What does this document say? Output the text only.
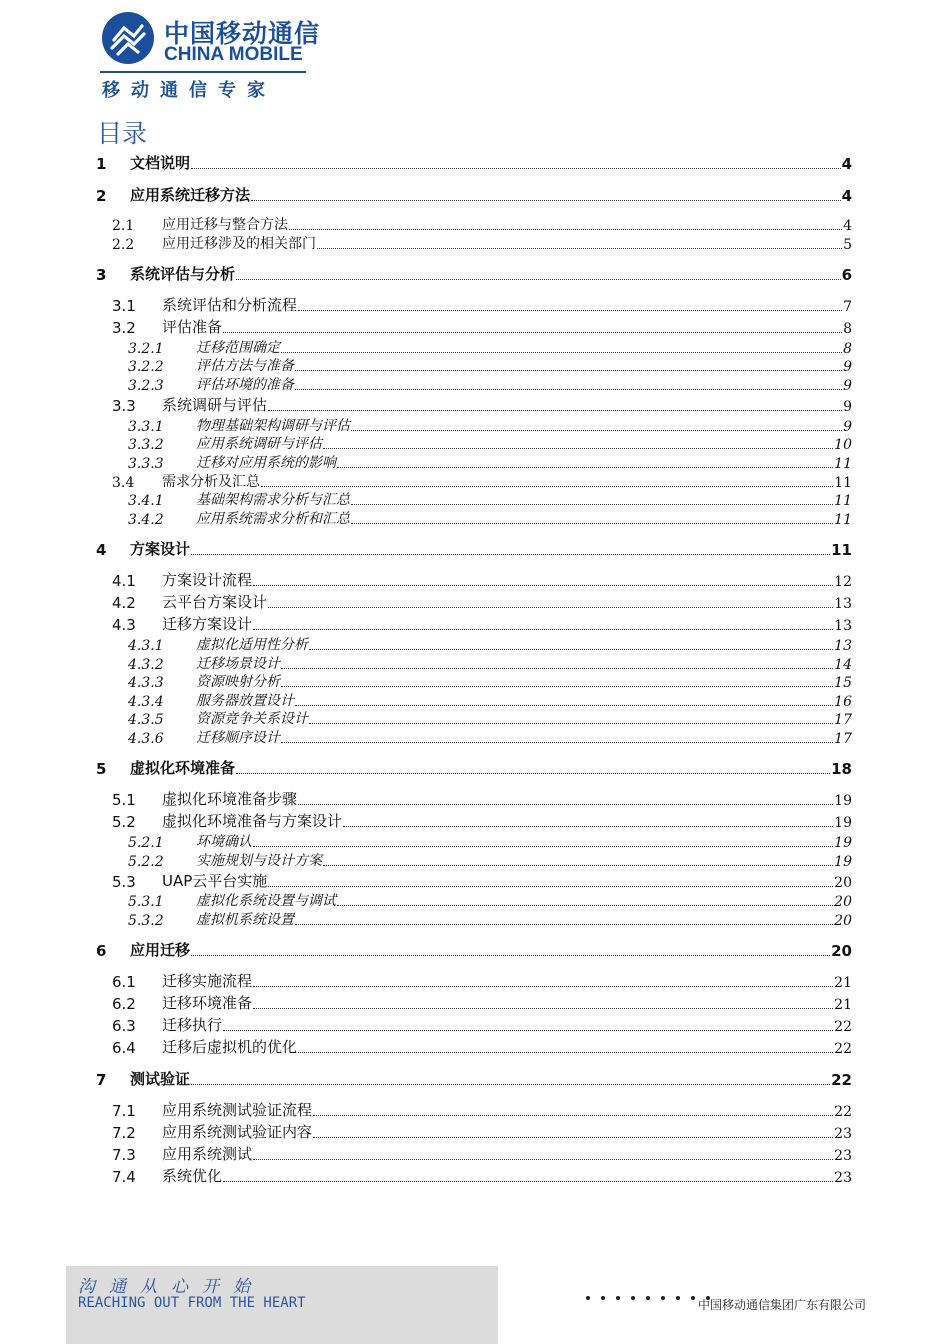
中国移动通信
CHINA MOBILE
移动通信专家
目录
1	文档说明	4
2	应用系统迁移方法	4
2.1	应用迁移与整合方法	4
2.2	应用迁移涉及的相关部门	5
3	系统评估与分析	6
3.1	系统评估和分析流程	7
3.2	评估准备	8
3.2.1	迁移范围确定	8
3.2.2	评估方法与准备	9
3.2.3	评估环境的准备	9
3.3	系统调研与评估	9
3.3.1	物理基础架构调研与评估	9
3.3.2	应用系统调研与评估	10
3.3.3	迁移对应用系统的影响	11
3.4	需求分析及汇总	11
3.4.1	基础架构需求分析与汇总	11
3.4.2	应用系统需求分析和汇总	11
4	方案设计	11
4.1	方案设计流程	12
4.2	云平台方案设计	13
4.3	迁移方案设计	13
4.3.1	虚拟化适用性分析	13
4.3.2	迁移场景设计	14
4.3.3	资源映射分析	15
4.3.4	服务器放置设计	16
4.3.5	资源竞争关系设计	17
4.3.6	迁移顺序设计	17
5	虚拟化环境准备	18
5.1	虚拟化环境准备步骤	19
5.2	虚拟化环境准备与方案设计	19
5.2.1	环境确认	19
5.2.2	实施规划与设计方案	19
5.3	UAP云平台实施	20
5.3.1	虚拟化系统设置与调试	20
5.3.2	虚拟机系统设置	20
6	应用迁移	20
6.1	迁移实施流程	21
6.2	迁移环境准备	21
6.3	迁移执行	22
6.4	迁移后虚拟机的优化	22
7	测试验证	22
7.1	应用系统测试验证流程	22
7.2	应用系统测试验证内容	23
7.3	应用系统测试	23
7.4	系统优化	23
沟通从心开始
REACHING OUT FROM THE HEART	中国移动通信集团广东有限公司
